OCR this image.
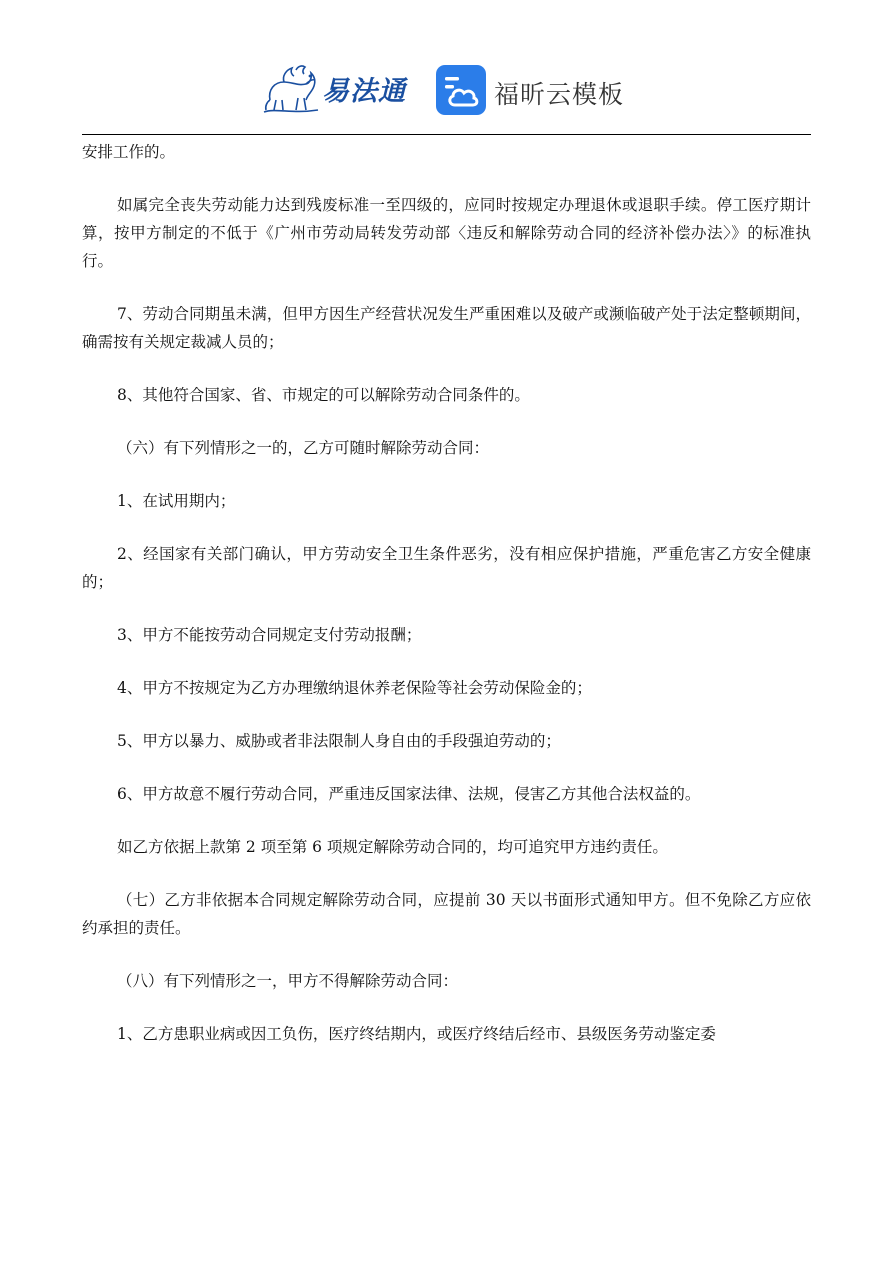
易法通	福昕云模板

安排工作的。

如属完全丧失劳动能力达到残废标准一至四级的，应同时按规定办理退休或退职手续。停工医疗期计算，按甲方制定的不低于《广州市劳动局转发劳动部〈违反和解除劳动合同的经济补偿办法〉》的标准执行。

7、劳动合同期虽未满，但甲方因生产经营状况发生严重困难以及破产或濒临破产处于法定整顿期间，确需按有关规定裁减人员的；

8、其他符合国家、省、市规定的可以解除劳动合同条件的。

（六）有下列情形之一的，乙方可随时解除劳动合同：

1、在试用期内；

2、经国家有关部门确认，甲方劳动安全卫生条件恶劣，没有相应保护措施，严重危害乙方安全健康的；

3、甲方不能按劳动合同规定支付劳动报酬；

4、甲方不按规定为乙方办理缴纳退休养老保险等社会劳动保险金的；

5、甲方以暴力、威胁或者非法限制人身自由的手段强迫劳动的；

6、甲方故意不履行劳动合同，严重违反国家法律、法规，侵害乙方其他合法权益的。

如乙方依据上款第 2 项至第 6 项规定解除劳动合同的，均可追究甲方违约责任。

（七）乙方非依据本合同规定解除劳动合同，应提前 30 天以书面形式通知甲方。但不免除乙方应依约承担的责任。

（八）有下列情形之一，甲方不得解除劳动合同：

1、乙方患职业病或因工负伤，医疗终结期内，或医疗终结后经市、县级医务劳动鉴定委
